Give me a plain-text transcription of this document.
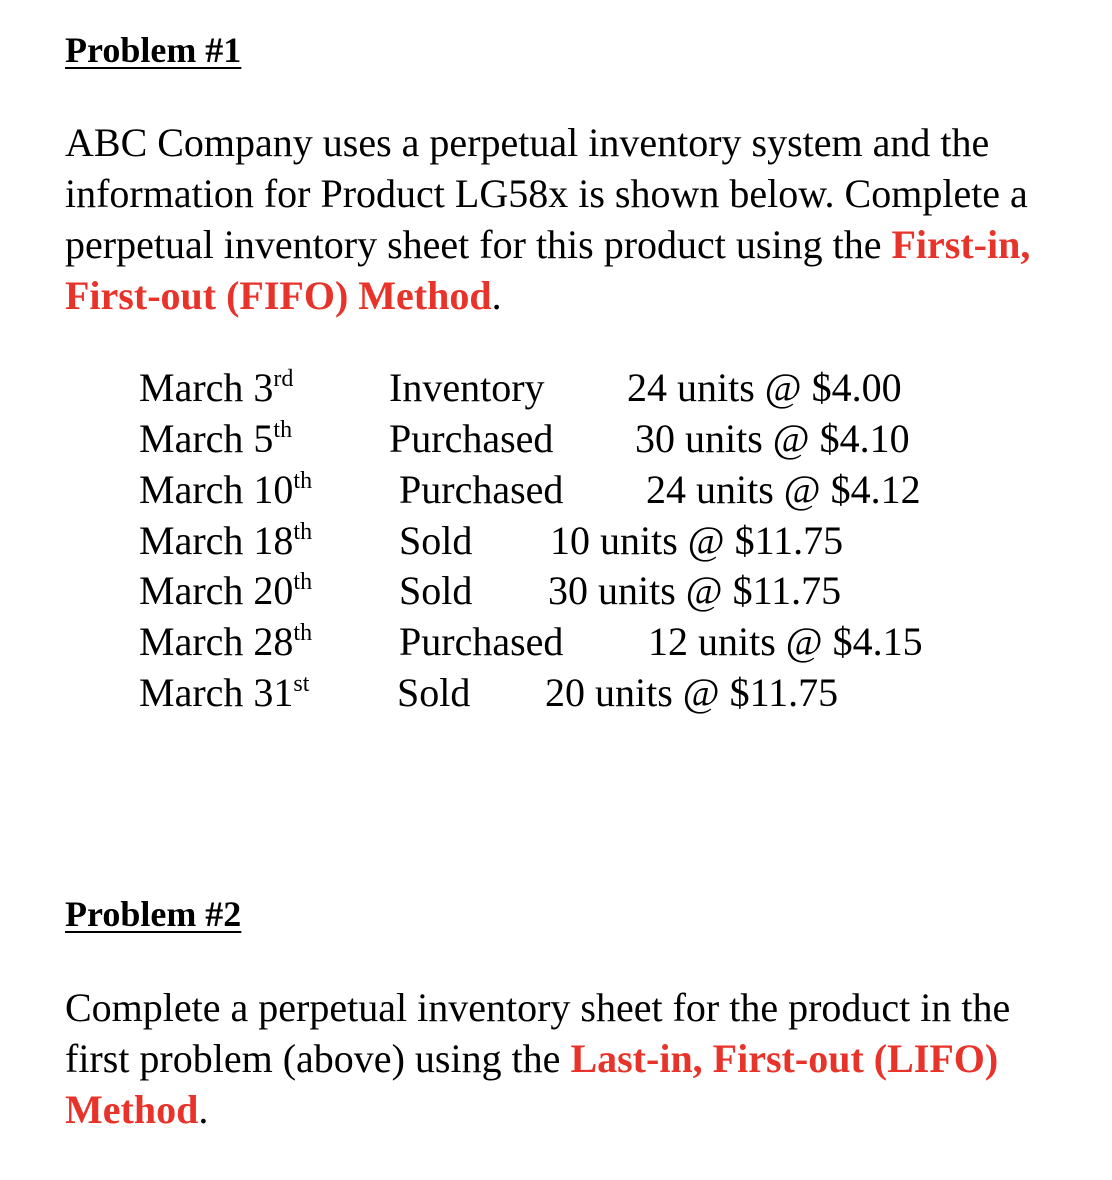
Problem #1

ABC Company uses a perpetual inventory system and the information for Product LG58x is shown below. Complete a perpetual inventory sheet for this product using the First-in, First-out (FIFO) Method.

March 3rd Inventory 24 units @ $4.00
March 5th Purchased 30 units @ $4.10
March 10th Purchased 24 units @ $4.12
March 18th Sold 10 units @ $11.75
March 20th Sold 30 units @ $11.75
March 28th Purchased 12 units @ $4.15
March 31st Sold 20 units @ $11.75
Problem #2

Complete a perpetual inventory sheet for the product in the first problem (above) using the Last-in, First-out (LIFO) Method.
